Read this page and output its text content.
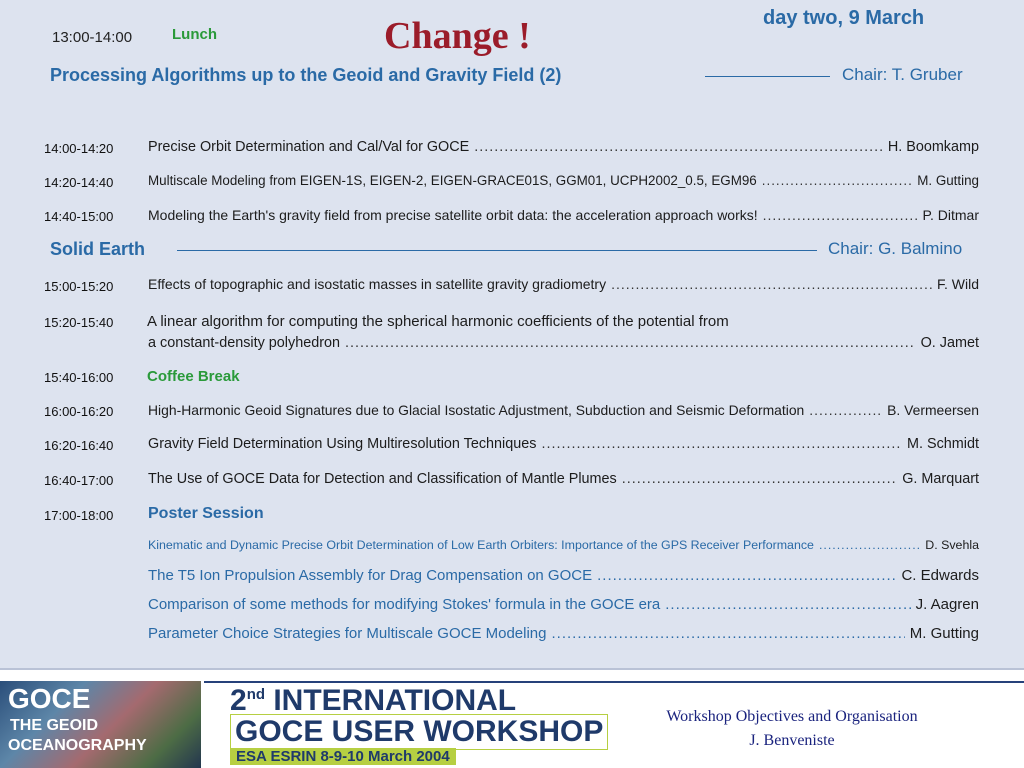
13:00-14:00	Lunch	Change !	day two, 9 March
Processing Algorithms up to the Geoid and Gravity Field (2)	Chair: T. Gruber
14:00-14:20 Precise Orbit Determination and Cal/Val for GOCE .....	H. Boomkamp
14:20-14:40	Multiscale Modeling from EIGEN-1S, EIGEN-2, EIGEN-GRACE01S, GGM01, UCPH2002_0.5, EGM96 .....	M. Gutting
14:40-15:00 Modeling the Earth's gravity field from precise satellite orbit data: the acceleration approach works! .....	P. Ditmar
Solid Earth	Chair: G. Balmino
15:00-15:20 Effects of topographic and isostatic masses in satellite gravity gradiometry .....	F. Wild
15:20-15:40 A linear algorithm for computing the spherical harmonic coefficients of the potential from
a constant-density polyhedron .....	O. Jamet
15:40-16:00 Coffee Break
16:00-16:20 High-Harmonic Geoid Signatures due to Glacial Isostatic Adjustment, Subduction and Seismic Deformation .....	B. Vermeersen
16:20-16:40 Gravity Field Determination Using Multiresolution Techniques .....	M. Schmidt
16:40-17:00 The Use of GOCE Data for Detection and Classification of Mantle Plumes .....	G. Marquart
17:00-18:00 Poster Session
Kinematic and Dynamic Precise Orbit Determination of Low Earth Orbiters: Importance of the GPS Receiver Performance .....	D. Svehla
The T5 Ion Propulsion Assembly for Drag Compensation on GOCE .....	C. Edwards
Comparison of some methods for modifying Stokes' formula in the GOCE era .....	J. Aagren
Parameter Choice Strategies for Multiscale GOCE Modeling .....	M. Gutting
GOCE
THE GEOID
OCEANOGRAPHY
2nd INTERNATIONAL
GOCE USER WORKSHOP
ESA ESRIN 8-9-10 March 2004
Workshop Objectives and Organisation
J. Benveniste
